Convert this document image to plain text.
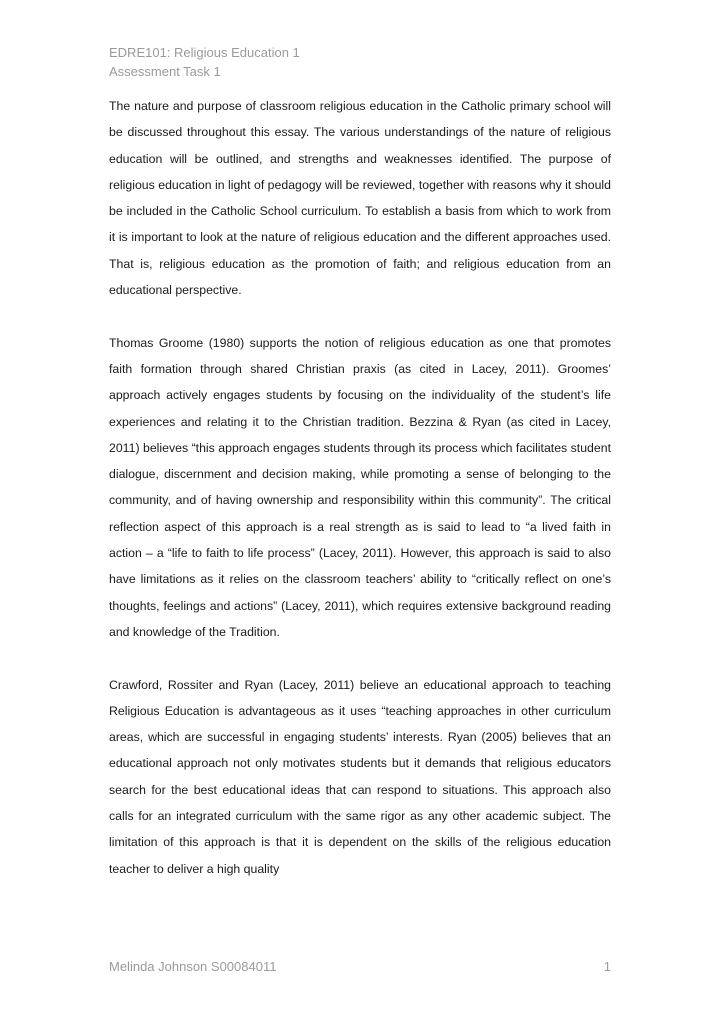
EDRE101: Religious Education 1
Assessment Task 1

The nature and purpose of classroom religious education in the Catholic primary school will be discussed throughout this essay. The various understandings of the nature of religious education will be outlined, and strengths and weaknesses identified. The purpose of religious education in light of pedagogy will be reviewed, together with reasons why it should be included in the Catholic School curriculum. To establish a basis from which to work from it is important to look at the nature of religious education and the different approaches used. That is, religious education as the promotion of faith; and religious education from an educational perspective.

Thomas Groome (1980) supports the notion of religious education as one that promotes faith formation through shared Christian praxis (as cited in Lacey, 2011). Groomes’ approach actively engages students by focusing on the individuality of the student’s life experiences and relating it to the Christian tradition. Bezzina & Ryan (as cited in Lacey, 2011) believes “this approach engages students through its process which facilitates student dialogue, discernment and decision making, while promoting a sense of belonging to the community, and of having ownership and responsibility within this community”. The critical reflection aspect of this approach is a real strength as is said to lead to “a lived faith in action – a “life to faith to life process” (Lacey, 2011). However, this approach is said to also have limitations as it relies on the classroom teachers’ ability to “critically reflect on one’s thoughts, feelings and actions” (Lacey, 2011), which requires extensive background reading and knowledge of the Tradition.

Crawford, Rossiter and Ryan (Lacey, 2011) believe an educational approach to teaching Religious Education is advantageous as it uses “teaching approaches in other curriculum areas, which are successful in engaging students’ interests. Ryan (2005) believes that an educational approach not only motivates students but it demands that religious educators search for the best educational ideas that can respond to situations. This approach also calls for an integrated curriculum with the same rigor as any other academic subject. The limitation of this approach is that it is dependent on the skills of the religious education teacher to deliver a high quality

Melinda Johnson S00084011	1
